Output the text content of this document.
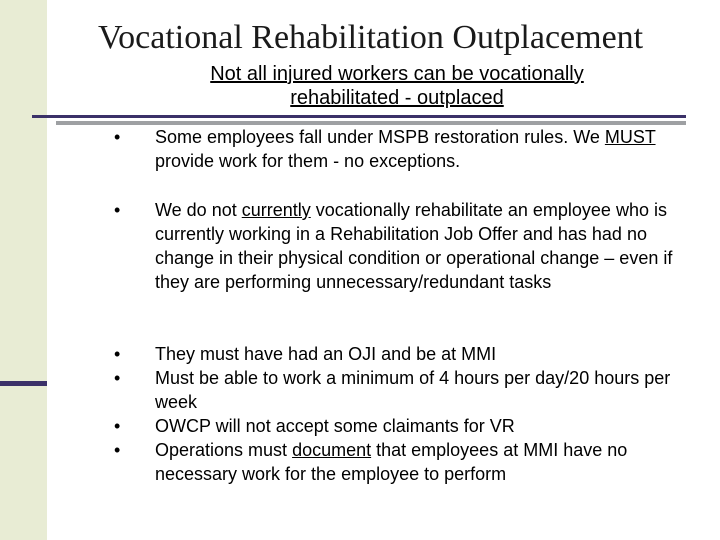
Vocational Rehabilitation Outplacement
Not all injured workers can be vocationally
rehabilitated - outplaced
• Some employees fall under MSPB restoration rules. We MUST provide work for them - no exceptions.
• We do not currently vocationally rehabilitate an employee who is currently working in a Rehabilitation Job Offer and has had no change in their physical condition or operational change – even if they are performing unnecessary/redundant tasks
• They must have had an OJI and be at MMI
• Must be able to work a minimum of 4 hours per day/20 hours per week
• OWCP will not accept some claimants for VR
• Operations must document that employees at MMI have no necessary work for the employee to perform
